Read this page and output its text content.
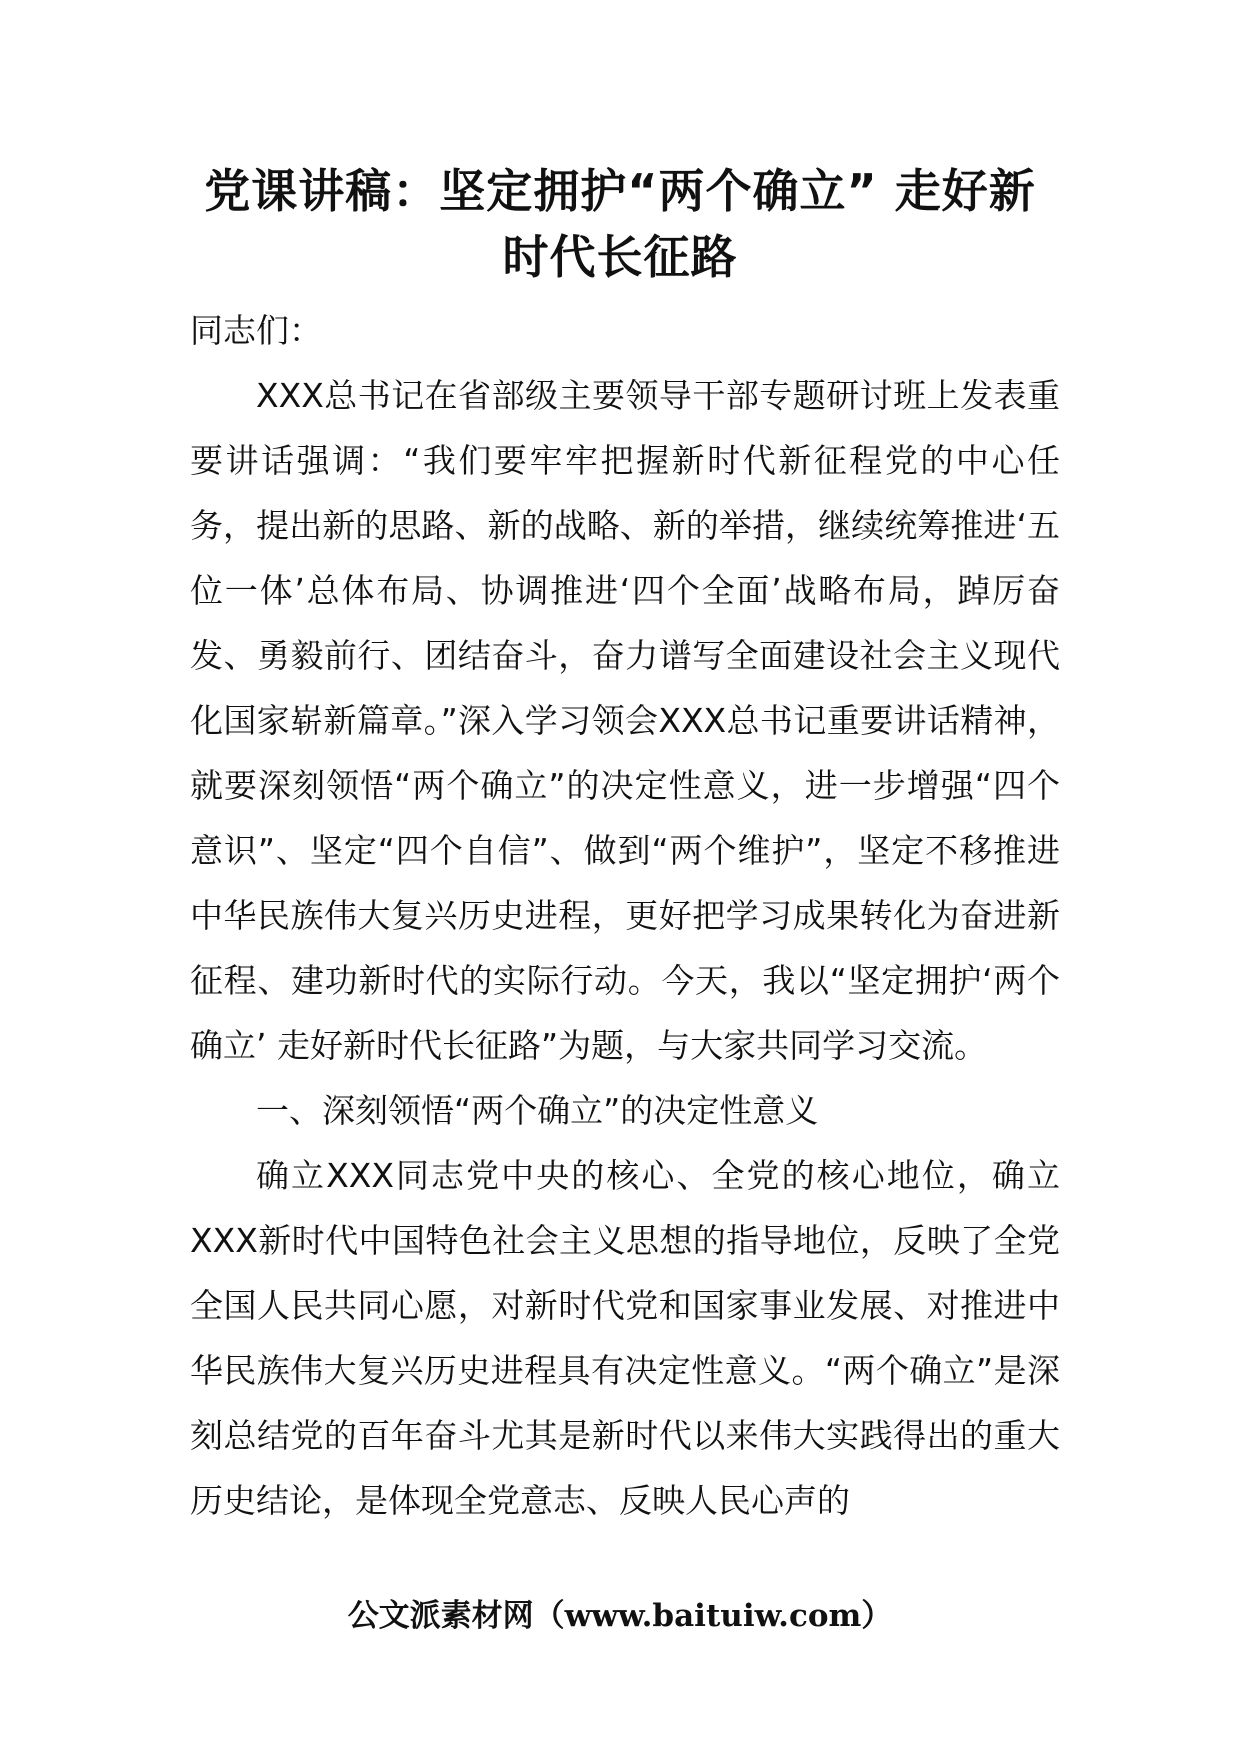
党课讲稿：坚定拥护“两个确立” 走好新
时代长征路

同志们：

XXX总书记在省部级主要领导干部专题研讨班上发表重要讲话强调：“我们要牢牢把握新时代新征程党的中心任务，提出新的思路、新的战略、新的举措，继续统筹推进‘五位一体’总体布局、协调推进‘四个全面’战略布局，踔厉奋发、勇毅前行、团结奋斗，奋力谱写全面建设社会主义现代化国家崭新篇章。”深入学习领会XXX总书记重要讲话精神，就要深刻领悟“两个确立”的决定性意义，进一步增强“四个意识”、坚定“四个自信”、做到“两个维护”，坚定不移推进中华民族伟大复兴历史进程，更好把学习成果转化为奋进新征程、建功新时代的实际行动。今天，我以“坚定拥护‘两个确立’ 走好新时代长征路”为题，与大家共同学习交流。

一、深刻领悟“两个确立”的决定性意义

确立XXX同志党中央的核心、全党的核心地位，确立XXX新时代中国特色社会主义思想的指导地位，反映了全党全国人民共同心愿，对新时代党和国家事业发展、对推进中华民族伟大复兴历史进程具有决定性意义。“两个确立”是深刻总结党的百年奋斗尤其是新时代以来伟大实践得出的重大历史结论，是体现全党意志、反映人民心声的

公文派素材网（www.baituiw.com）
